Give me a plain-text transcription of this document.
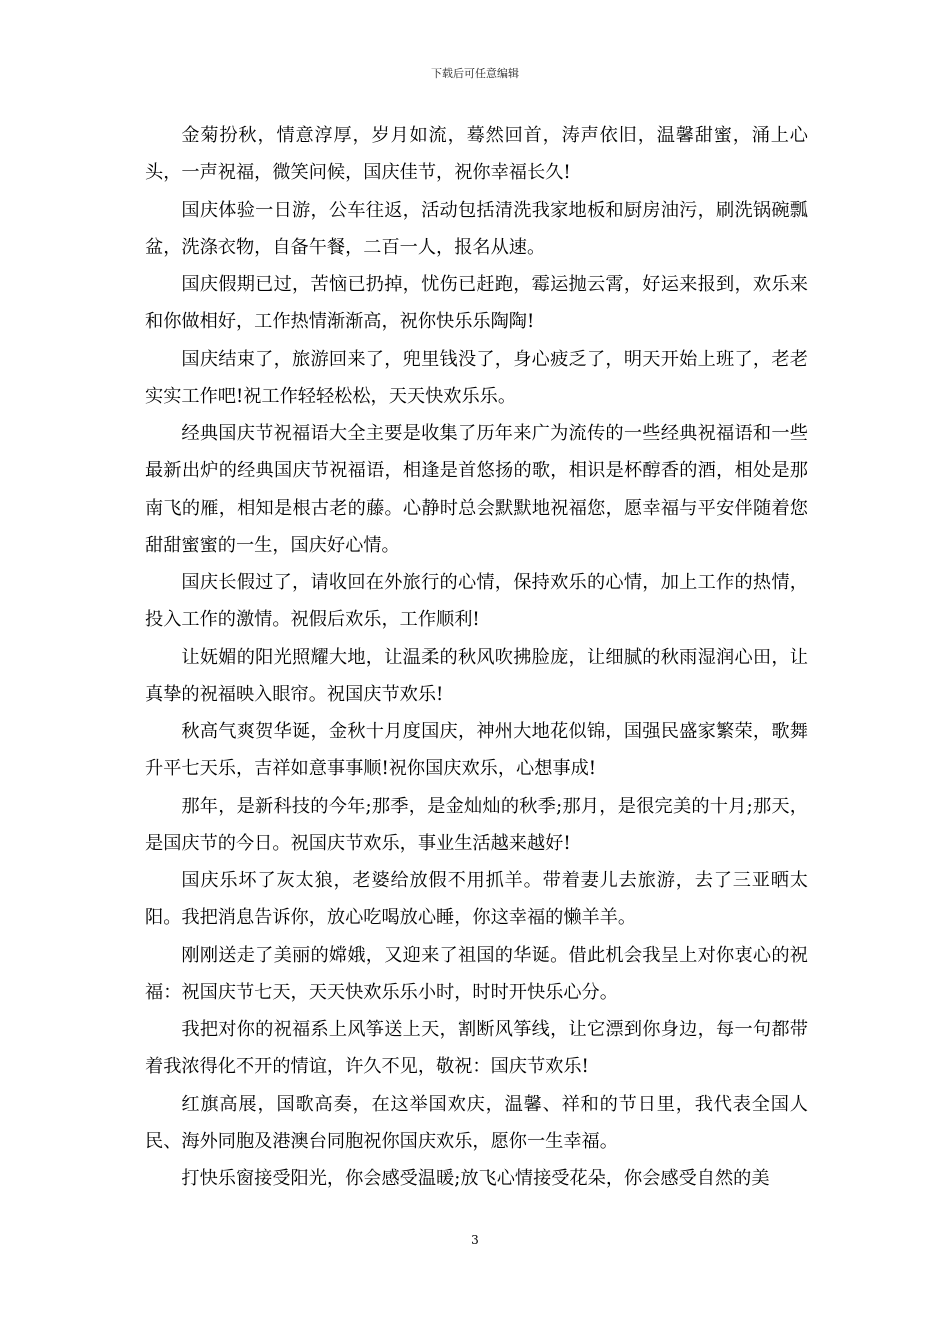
下载后可任意编辑

金菊扮秋，情意淳厚，岁月如流，蓦然回首，涛声依旧，温馨甜蜜，涌上心头，一声祝福，微笑问候，国庆佳节，祝你幸福长久!

国庆体验一日游，公车往返，活动包括清洗我家地板和厨房油污，刷洗锅碗瓢盆，洗涤衣物，自备午餐，二百一人，报名从速。

国庆假期已过，苦恼已扔掉，忧伤已赶跑，霉运抛云霄，好运来报到，欢乐来和你做相好，工作热情渐渐高，祝你快乐乐陶陶!

国庆结束了，旅游回来了，兜里钱没了，身心疲乏了，明天开始上班了，老老实实工作吧!祝工作轻轻松松，天天快欢乐乐。

经典国庆节祝福语大全主要是收集了历年来广为流传的一些经典祝福语和一些最新出炉的经典国庆节祝福语，相逢是首悠扬的歌，相识是杯醇香的酒，相处是那南飞的雁，相知是根古老的藤。心静时总会默默地祝福您，愿幸福与平安伴随着您甜甜蜜蜜的一生，国庆好心情。

国庆长假过了，请收回在外旅行的心情，保持欢乐的心情，加上工作的热情，投入工作的激情。祝假后欢乐，工作顺利!

让妩媚的阳光照耀大地，让温柔的秋风吹拂脸庞，让细腻的秋雨湿润心田，让真挚的祝福映入眼帘。祝国庆节欢乐!

秋高气爽贺华诞，金秋十月度国庆，神州大地花似锦，国强民盛家繁荣，歌舞升平七天乐，吉祥如意事事顺!祝你国庆欢乐，心想事成!

那年，是新科技的今年;那季，是金灿灿的秋季;那月，是很完美的十月;那天，是国庆节的今日。祝国庆节欢乐，事业生活越来越好!

国庆乐坏了灰太狼，老婆给放假不用抓羊。带着妻儿去旅游，去了三亚晒太阳。我把消息告诉你，放心吃喝放心睡，你这幸福的懒羊羊。

刚刚送走了美丽的嫦娥，又迎来了祖国的华诞。借此机会我呈上对你衷心的祝福：祝国庆节七天，天天快欢乐乐小时，时时开快乐心分。

我把对你的祝福系上风筝送上天，割断风筝线，让它漂到你身边，每一句都带着我浓得化不开的情谊，许久不见，敬祝：国庆节欢乐!

红旗高展，国歌高奏，在这举国欢庆，温馨、祥和的节日里，我代表全国人民、海外同胞及港澳台同胞祝你国庆欢乐，愿你一生幸福。

打快乐窗接受阳光，你会感受温暖;放飞心情接受花朵，你会感受自然的美

3
